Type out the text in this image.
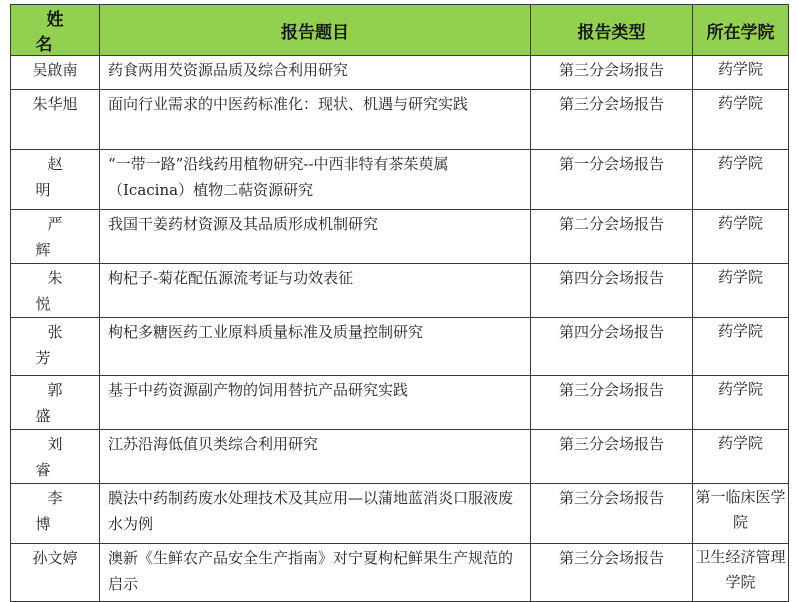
姓名	报告题目	报告类型	所在学院
吴啟南	药食两用芡资源品质及综合利用研究	第三分会场报告	药学院
朱华旭	面向行业需求的中医药标准化：现状、机遇与研究实践	第三分会场报告	药学院
赵明	“一带一路”沿线药用植物研究--中西非特有茶茱萸属（Icacina）植物二萜资源研究	第一分会场报告	药学院
严辉	我国干姜药材资源及其品质形成机制研究	第二分会场报告	药学院
朱悦	枸杞子-菊花配伍源流考证与功效表征	第四分会场报告	药学院
张芳	枸杞多糖医药工业原料质量标准及质量控制研究	第四分会场报告	药学院
郭盛	基于中药资源副产物的饲用替抗产品研究实践	第三分会场报告	药学院
刘睿	江苏沿海低值贝类综合利用研究	第三分会场报告	药学院
李博	膜法中药制药废水处理技术及其应用—以蒲地蓝消炎口服液废水为例	第三分会场报告	第一临床医学院
孙文婷	澳新《生鲜农产品安全生产指南》对宁夏枸杞鲜果生产规范的启示	第三分会场报告	卫生经济管理学院
